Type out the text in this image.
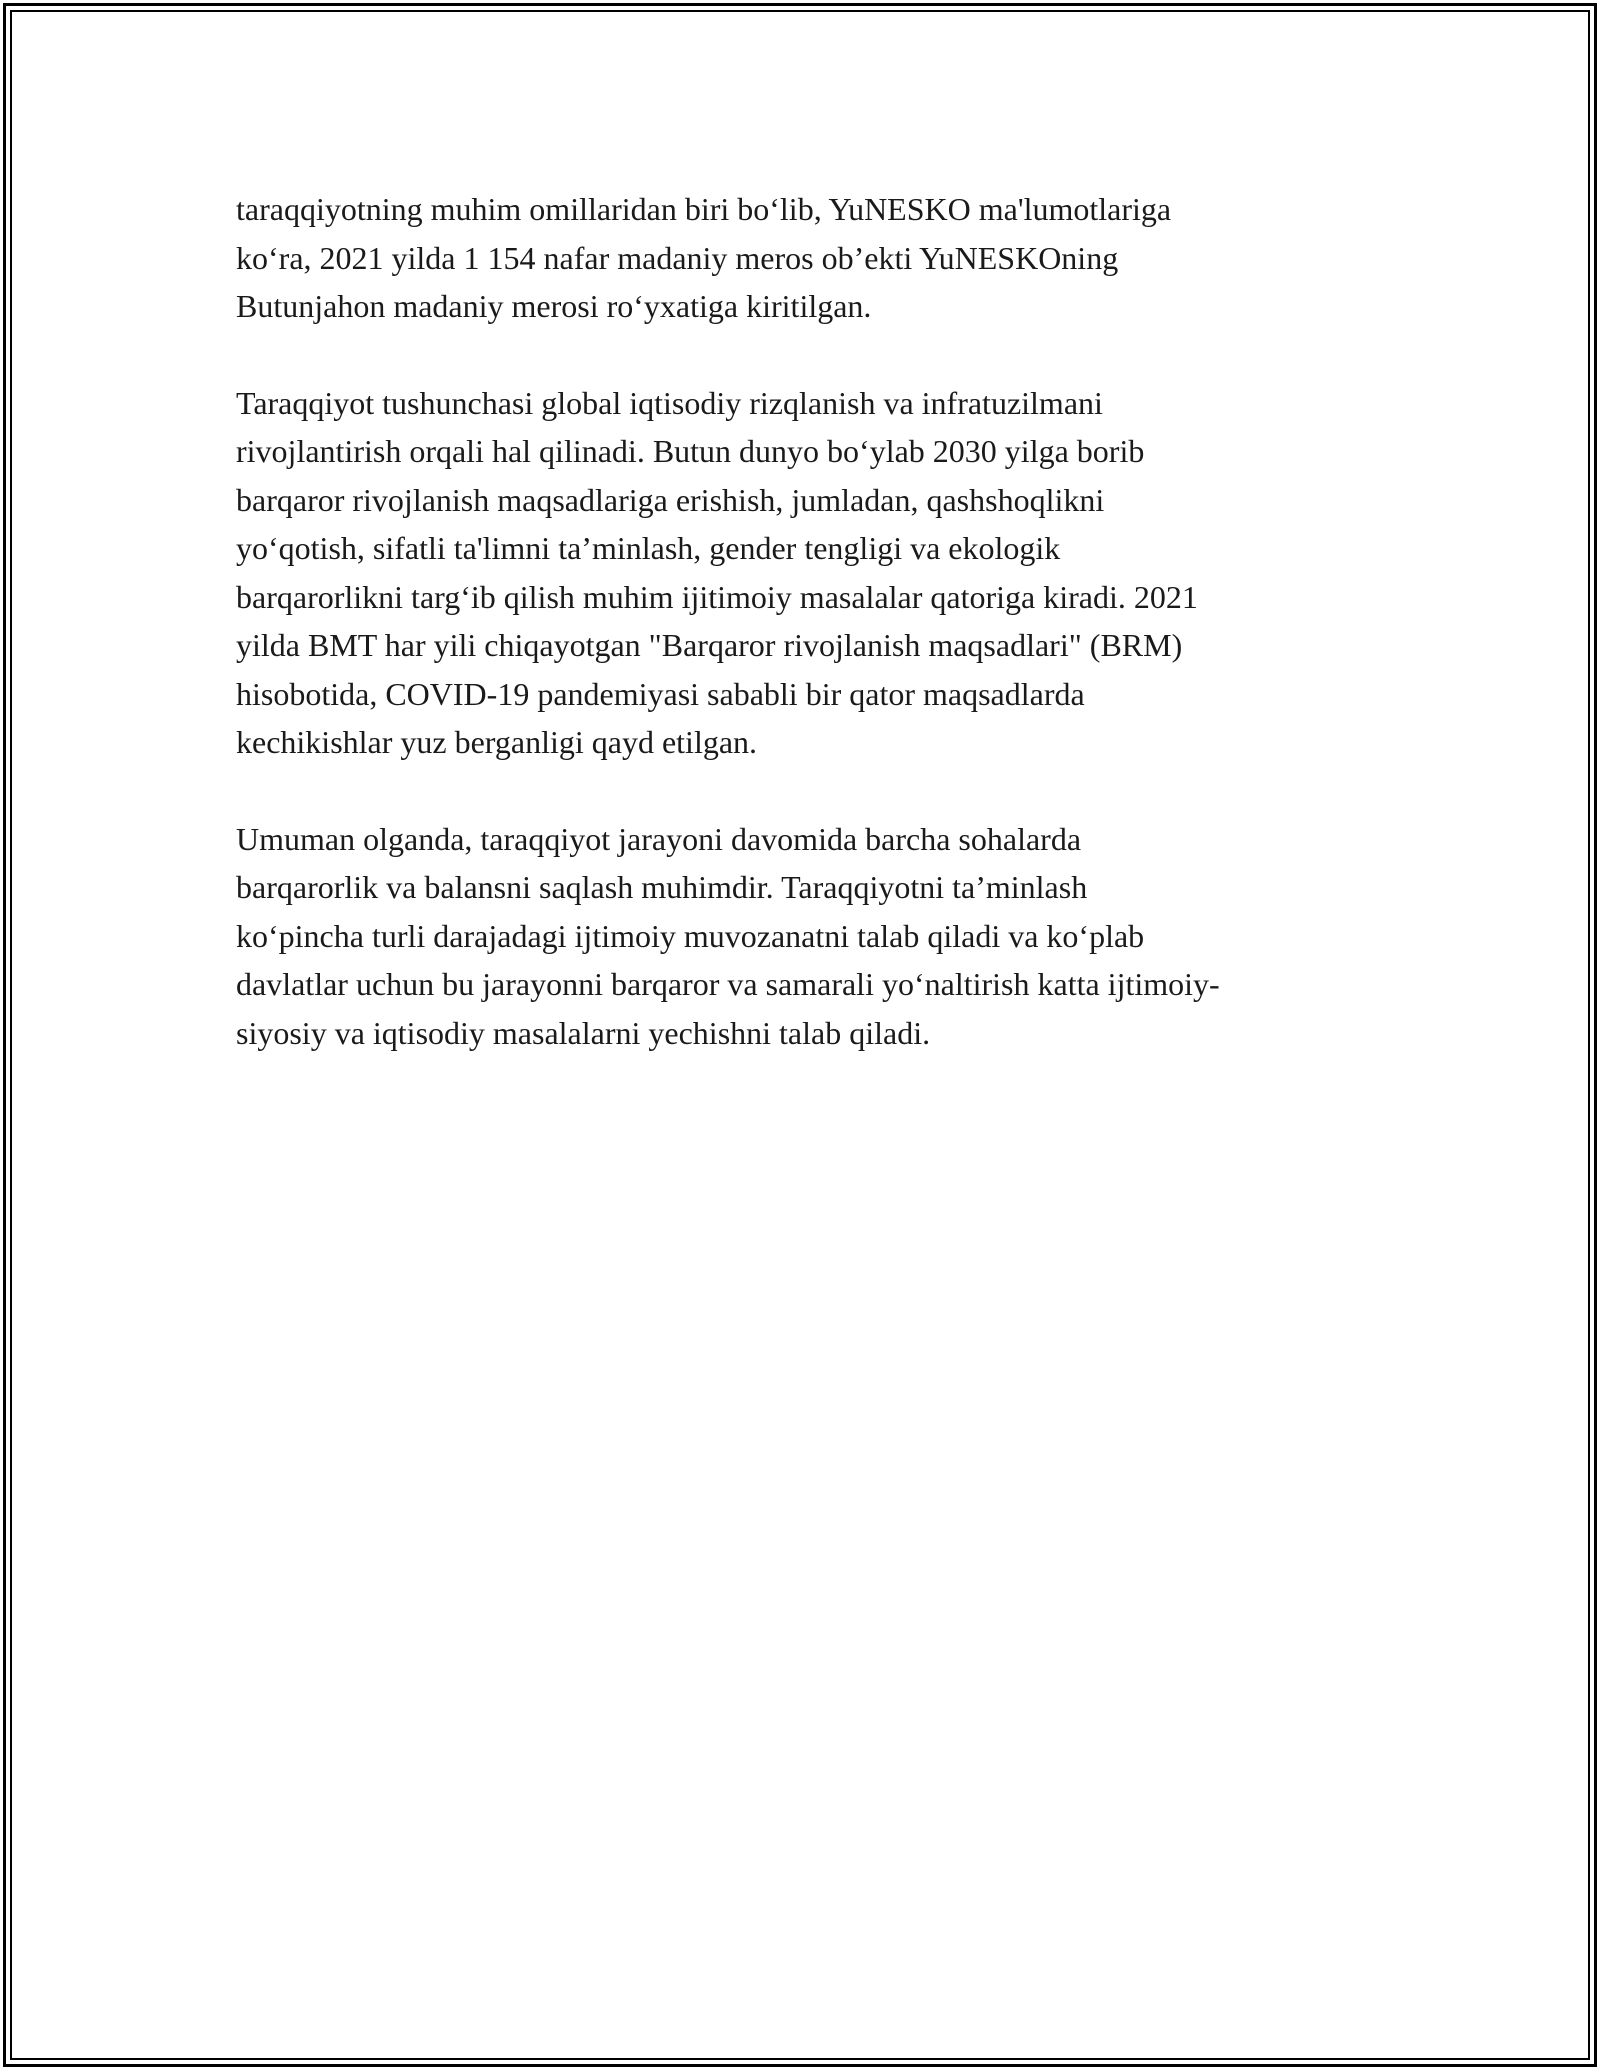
taraqqiyotning muhim omillaridan biri bo‘lib, YuNESKO ma'lumotlariga
ko‘ra, 2021 yilda 1 154 nafar madaniy meros ob’ekti YuNESKOning
Butunjahon madaniy merosi ro‘yxatiga kiritilgan.

Taraqqiyot tushunchasi global iqtisodiy rizqlanish va infratuzilmani
rivojlantirish orqali hal qilinadi. Butun dunyo bo‘ylab 2030 yilga borib
barqaror rivojlanish maqsadlariga erishish, jumladan, qashshoqlikni
yo‘qotish, sifatli ta'limni ta’minlash, gender tengligi va ekologik
barqarorlikni targ‘ib qilish muhim ijitimoiy masalalar qatoriga kiradi. 2021
yilda BMT har yili chiqayotgan "Barqaror rivojlanish maqsadlari" (BRM)
hisobotida, COVID-19 pandemiyasi sababli bir qator maqsadlarda
kechikishlar yuz berganligi qayd etilgan.

Umuman olganda, taraqqiyot jarayoni davomida barcha sohalarda
barqarorlik va balansni saqlash muhimdir. Taraqqiyotni ta’minlash
ko‘pincha turli darajadagi ijtimoiy muvozanatni talab qiladi va ko‘plab
davlatlar uchun bu jarayonni barqaror va samarali yo‘naltirish katta ijtimoiy-
siyosiy va iqtisodiy masalalarni yechishni talab qiladi.
